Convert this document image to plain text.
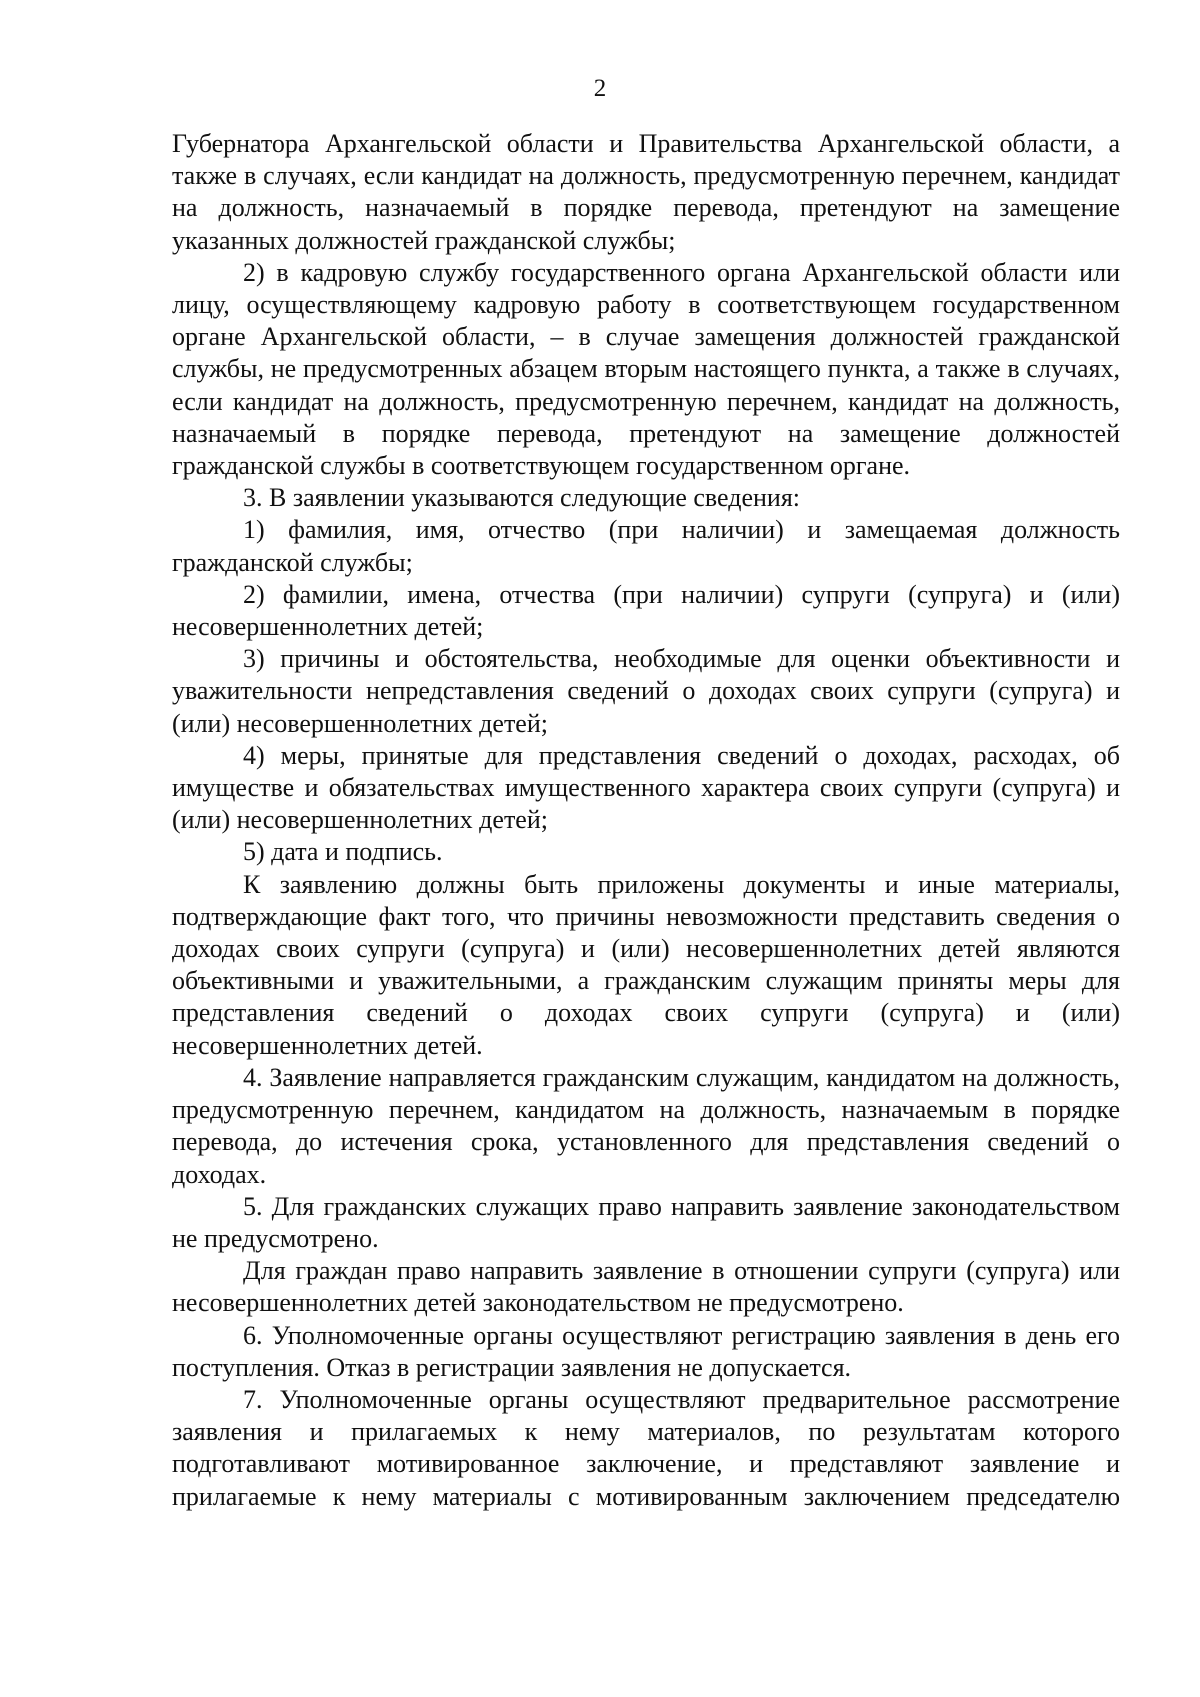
2

Губернатора Архангельской области и Правительства Архангельской области, а также в случаях, если кандидат на должность, предусмотренную перечнем, кандидат на должность, назначаемый в порядке перевода, претендуют на замещение указанных должностей гражданской службы;

2) в кадровую службу государственного органа Архангельской области или лицу, осуществляющему кадровую работу в соответствующем государственном органе Архангельской области, – в случае замещения должностей гражданской службы, не предусмотренных абзацем вторым настоящего пункта, а также в случаях, если кандидат на должность, предусмотренную перечнем, кандидат на должность, назначаемый в порядке перевода, претендуют на замещение должностей гражданской службы в соответствующем государственном органе.

3. В заявлении указываются следующие сведения:

1) фамилия, имя, отчество (при наличии) и замещаемая должность гражданской службы;

2) фамилии, имена, отчества (при наличии) супруги (супруга) и (или) несовершеннолетних детей;

3) причины и обстоятельства, необходимые для оценки объективности и уважительности непредставления сведений о доходах своих супруги (супруга) и (или) несовершеннолетних детей;

4) меры, принятые для представления сведений о доходах, расходах, об имуществе и обязательствах имущественного характера своих супруги (супруга) и (или) несовершеннолетних детей;

5) дата и подпись.

К заявлению должны быть приложены документы и иные материалы, подтверждающие факт того, что причины невозможности представить сведения о доходах своих супруги (супруга) и (или) несовершеннолетних детей являются объективными и уважительными, а гражданским служащим приняты меры для представления сведений о доходах своих супруги (супруга) и (или) несовершеннолетних детей.

4. Заявление направляется гражданским служащим, кандидатом на должность, предусмотренную перечнем, кандидатом на должность, назначаемым в порядке перевода, до истечения срока, установленного для представления сведений о доходах.

5. Для гражданских служащих право направить заявление законодательством не предусмотрено.

Для граждан право направить заявление в отношении супруги (супруга) или несовершеннолетних детей законодательством не предусмотрено.

6. Уполномоченные органы осуществляют регистрацию заявления в день его поступления. Отказ в регистрации заявления не допускается.

7. Уполномоченные органы осуществляют предварительное рассмотрение заявления и прилагаемых к нему материалов, по результатам которого подготавливают мотивированное заключение, и представляют заявление и прилагаемые к нему материалы с мотивированным заключением председателю
